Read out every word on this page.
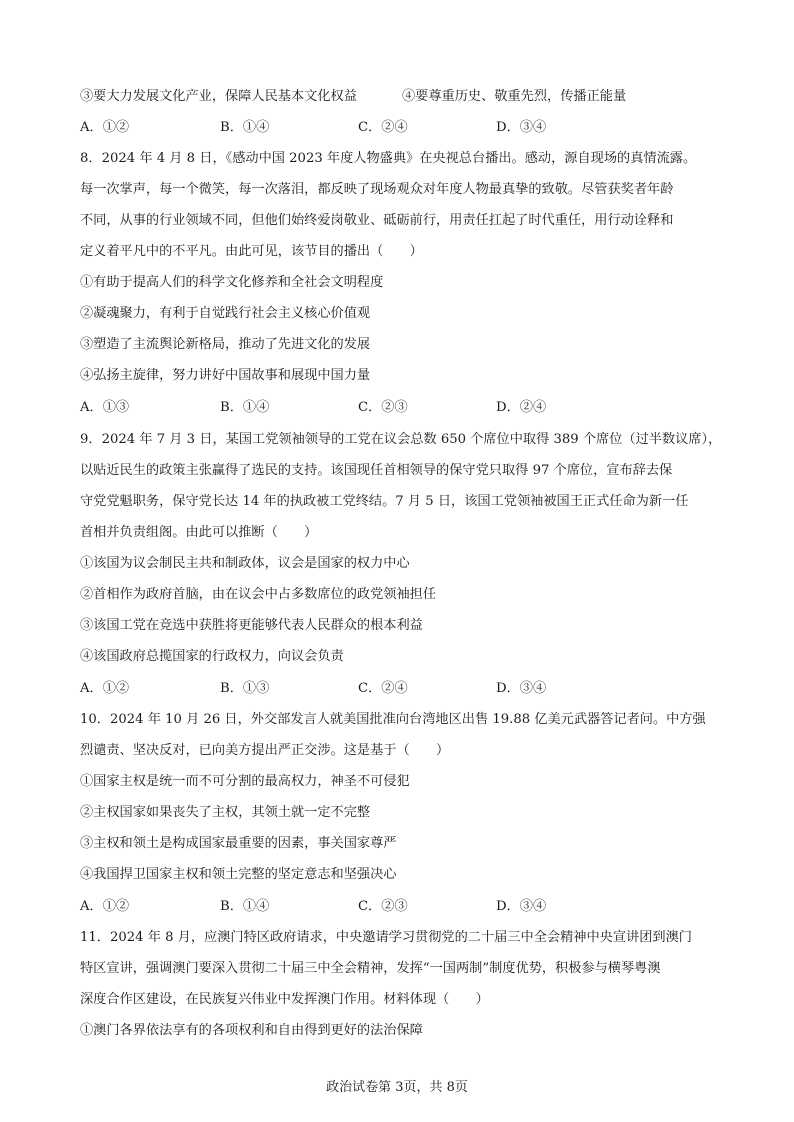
③要大力发展文化产业，保障人民基本文化权益	④要尊重历史、敬重先烈，传播正能量
A．①②	B．①④	C．②④	D．③④
8．2024 年 4 月 8 日，《感动中国 2023 年度人物盛典》在央视总台播出。感动，源自现场的真情流露。
每一次掌声，每一个微笑，每一次落泪，都反映了现场观众对年度人物最真挚的致敬。尽管获奖者年龄
不同，从事的行业领域不同，但他们始终爱岗敬业、砥砺前行，用责任扛起了时代重任，用行动诠释和
定义着平凡中的不平凡。由此可见，该节目的播出（　　）
①有助于提高人们的科学文化修养和全社会文明程度
②凝魂聚力，有利于自觉践行社会主义核心价值观
③塑造了主流舆论新格局，推动了先进文化的发展
④弘扬主旋律，努力讲好中国故事和展现中国力量
A．①③	B．①④	C．②③	D．②④
9．2024 年 7 月 3 日，某国工党领袖领导的工党在议会总数 650 个席位中取得 389 个席位（过半数议席），
以贴近民生的政策主张赢得了选民的支持。该国现任首相领导的保守党只取得 97 个席位，宣布辞去保
守党党魁职务，保守党长达 14 年的执政被工党终结。7 月 5 日，该国工党领袖被国王正式任命为新一任
首相并负责组阁。由此可以推断（　　）
①该国为议会制民主共和制政体，议会是国家的权力中心
②首相作为政府首脑，由在议会中占多数席位的政党领袖担任
③该国工党在竞选中获胜将更能够代表人民群众的根本利益
④该国政府总揽国家的行政权力，向议会负责
A．①②	B．①③	C．②④	D．③④
10．2024 年 10 月 26 日，外交部发言人就美国批准向台湾地区出售 19.88 亿美元武器答记者问。中方强
烈谴责、坚决反对，已向美方提出严正交涉。这是基于（　　）
①国家主权是统一而不可分割的最高权力，神圣不可侵犯
②主权国家如果丧失了主权，其领土就一定不完整
③主权和领土是构成国家最重要的因素，事关国家尊严
④我国捍卫国家主权和领土完整的坚定意志和坚强决心
A．①②	B．①④	C．②③	D．③④
11．2024 年 8 月，应澳门特区政府请求，中央邀请学习贯彻党的二十届三中全会精神中央宣讲团到澳门
特区宣讲，强调澳门要深入贯彻二十届三中全会精神，发挥“一国两制”制度优势，积极参与横琴粤澳
深度合作区建设，在民族复兴伟业中发挥澳门作用。材料体现（　　）
①澳门各界依法享有的各项权利和自由得到更好的法治保障
政治试卷第 3页，共 8页
